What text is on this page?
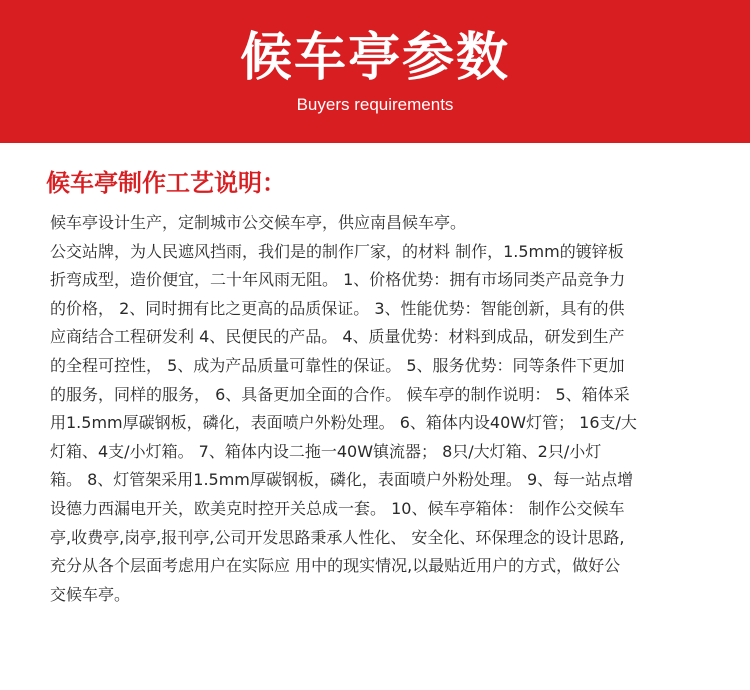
候车亭参数
Buyers requirements
候车亭制作工艺说明：
候车亭设计生产，定制城市公交候车亭，供应南昌候车亭。
公交站牌，为人民遮风挡雨，我们是的制作厂家，的材料 制作，1.5mm的镀锌板
折弯成型，造价便宜，二十年风雨无阻。 1、价格优势：拥有市场同类产品竞争力
的价格， 2、同时拥有比之更高的品质保证。 3、性能优势：智能创新，具有的供
应商结合工程研发利 4、民便民的产品。 4、质量优势：材料到成品，研发到生产
的全程可控性， 5、成为产品质量可靠性的保证。 5、服务优势：同等条件下更加
的服务，同样的服务， 6、具备更加全面的合作。 候车亭的制作说明： 5、箱体采
用1.5mm厚碳钢板，磷化，表面喷户外粉处理。 6、箱体内设40W灯管； 16支/大
灯箱、4支/小灯箱。 7、箱体内设二拖一40W镇流器； 8只/大灯箱、2只/小灯
箱。 8、灯管架采用1.5mm厚碳钢板，磷化，表面喷户外粉处理。 9、每一站点增
设德力西漏电开关，欧美克时控开关总成一套。 10、候车亭箱体： 制作公交候车
亭,收费亭,岗亭,报刊亭,公司开发思路秉承人性化、 安全化、环保理念的设计思路,
充分从各个层面考虑用户在实际应 用中的现实情况,以最贴近用户的方式，做好公
交候车亭。
